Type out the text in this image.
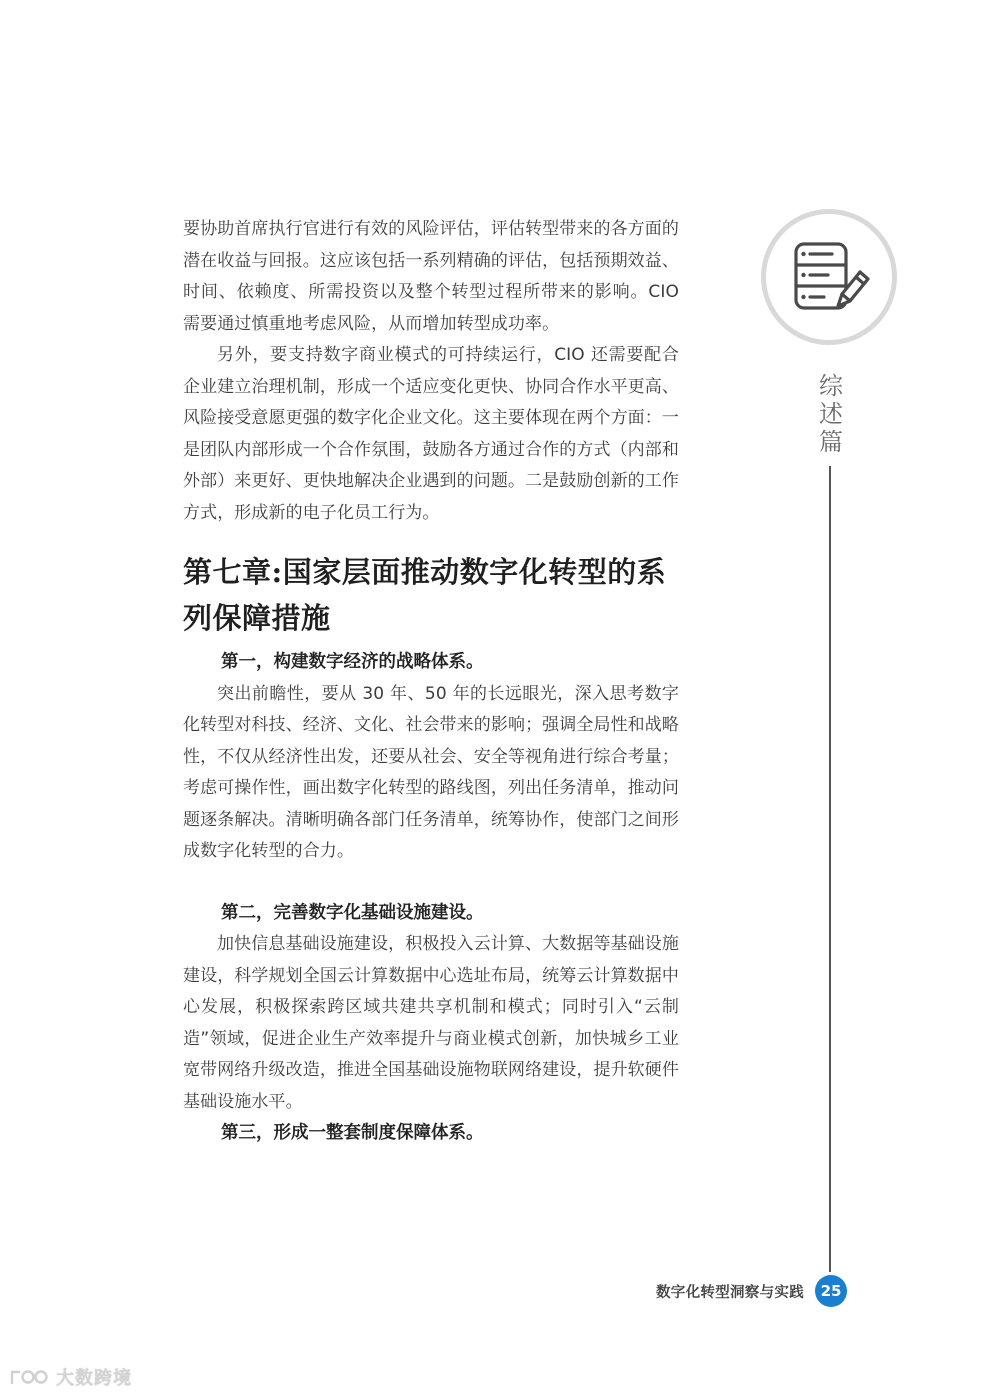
要协助首席执行官进行有效的风险评估，评估转型带来的各方面的潜在收益与回报。这应该包括一系列精确的评估，包括预期效益、时间、依赖度、所需投资以及整个转型过程所带来的影响。CIO 需要通过慎重地考虑风险，从而增加转型成功率。

另外，要支持数字商业模式的可持续运行，CIO 还需要配合企业建立治理机制，形成一个适应变化更快、协同合作水平更高、风险接受意愿更强的数字化企业文化。这主要体现在两个方面：一是团队内部形成一个合作氛围，鼓励各方通过合作的方式（内部和外部）来更好、更快地解决企业遇到的问题。二是鼓励创新的工作方式，形成新的电子化员工行为。

第七章:国家层面推动数字化转型的系
列保障措施

第一，构建数字经济的战略体系。

突出前瞻性，要从 30 年、50 年的长远眼光，深入思考数字化转型对科技、经济、文化、社会带来的影响；强调全局性和战略性，不仅从经济性出发，还要从社会、安全等视角进行综合考量；考虑可操作性，画出数字化转型的路线图，列出任务清单，推动问题逐条解决。清晰明确各部门任务清单，统筹协作，使部门之间形成数字化转型的合力。

第二，完善数字化基础设施建设。

加快信息基础设施建设，积极投入云计算、大数据等基础设施建设，科学规划全国云计算数据中心选址布局，统筹云计算数据中心发展，积极探索跨区域共建共享机制和模式；同时引入“云制造”领域，促进企业生产效率提升与商业模式创新，加快城乡工业宽带网络升级改造，推进全国基础设施物联网络建设，提升软硬件基础设施水平。

第三，形成一整套制度保障体系。

综
述
篇
数字化转型洞察与实践	25
大数跨境
